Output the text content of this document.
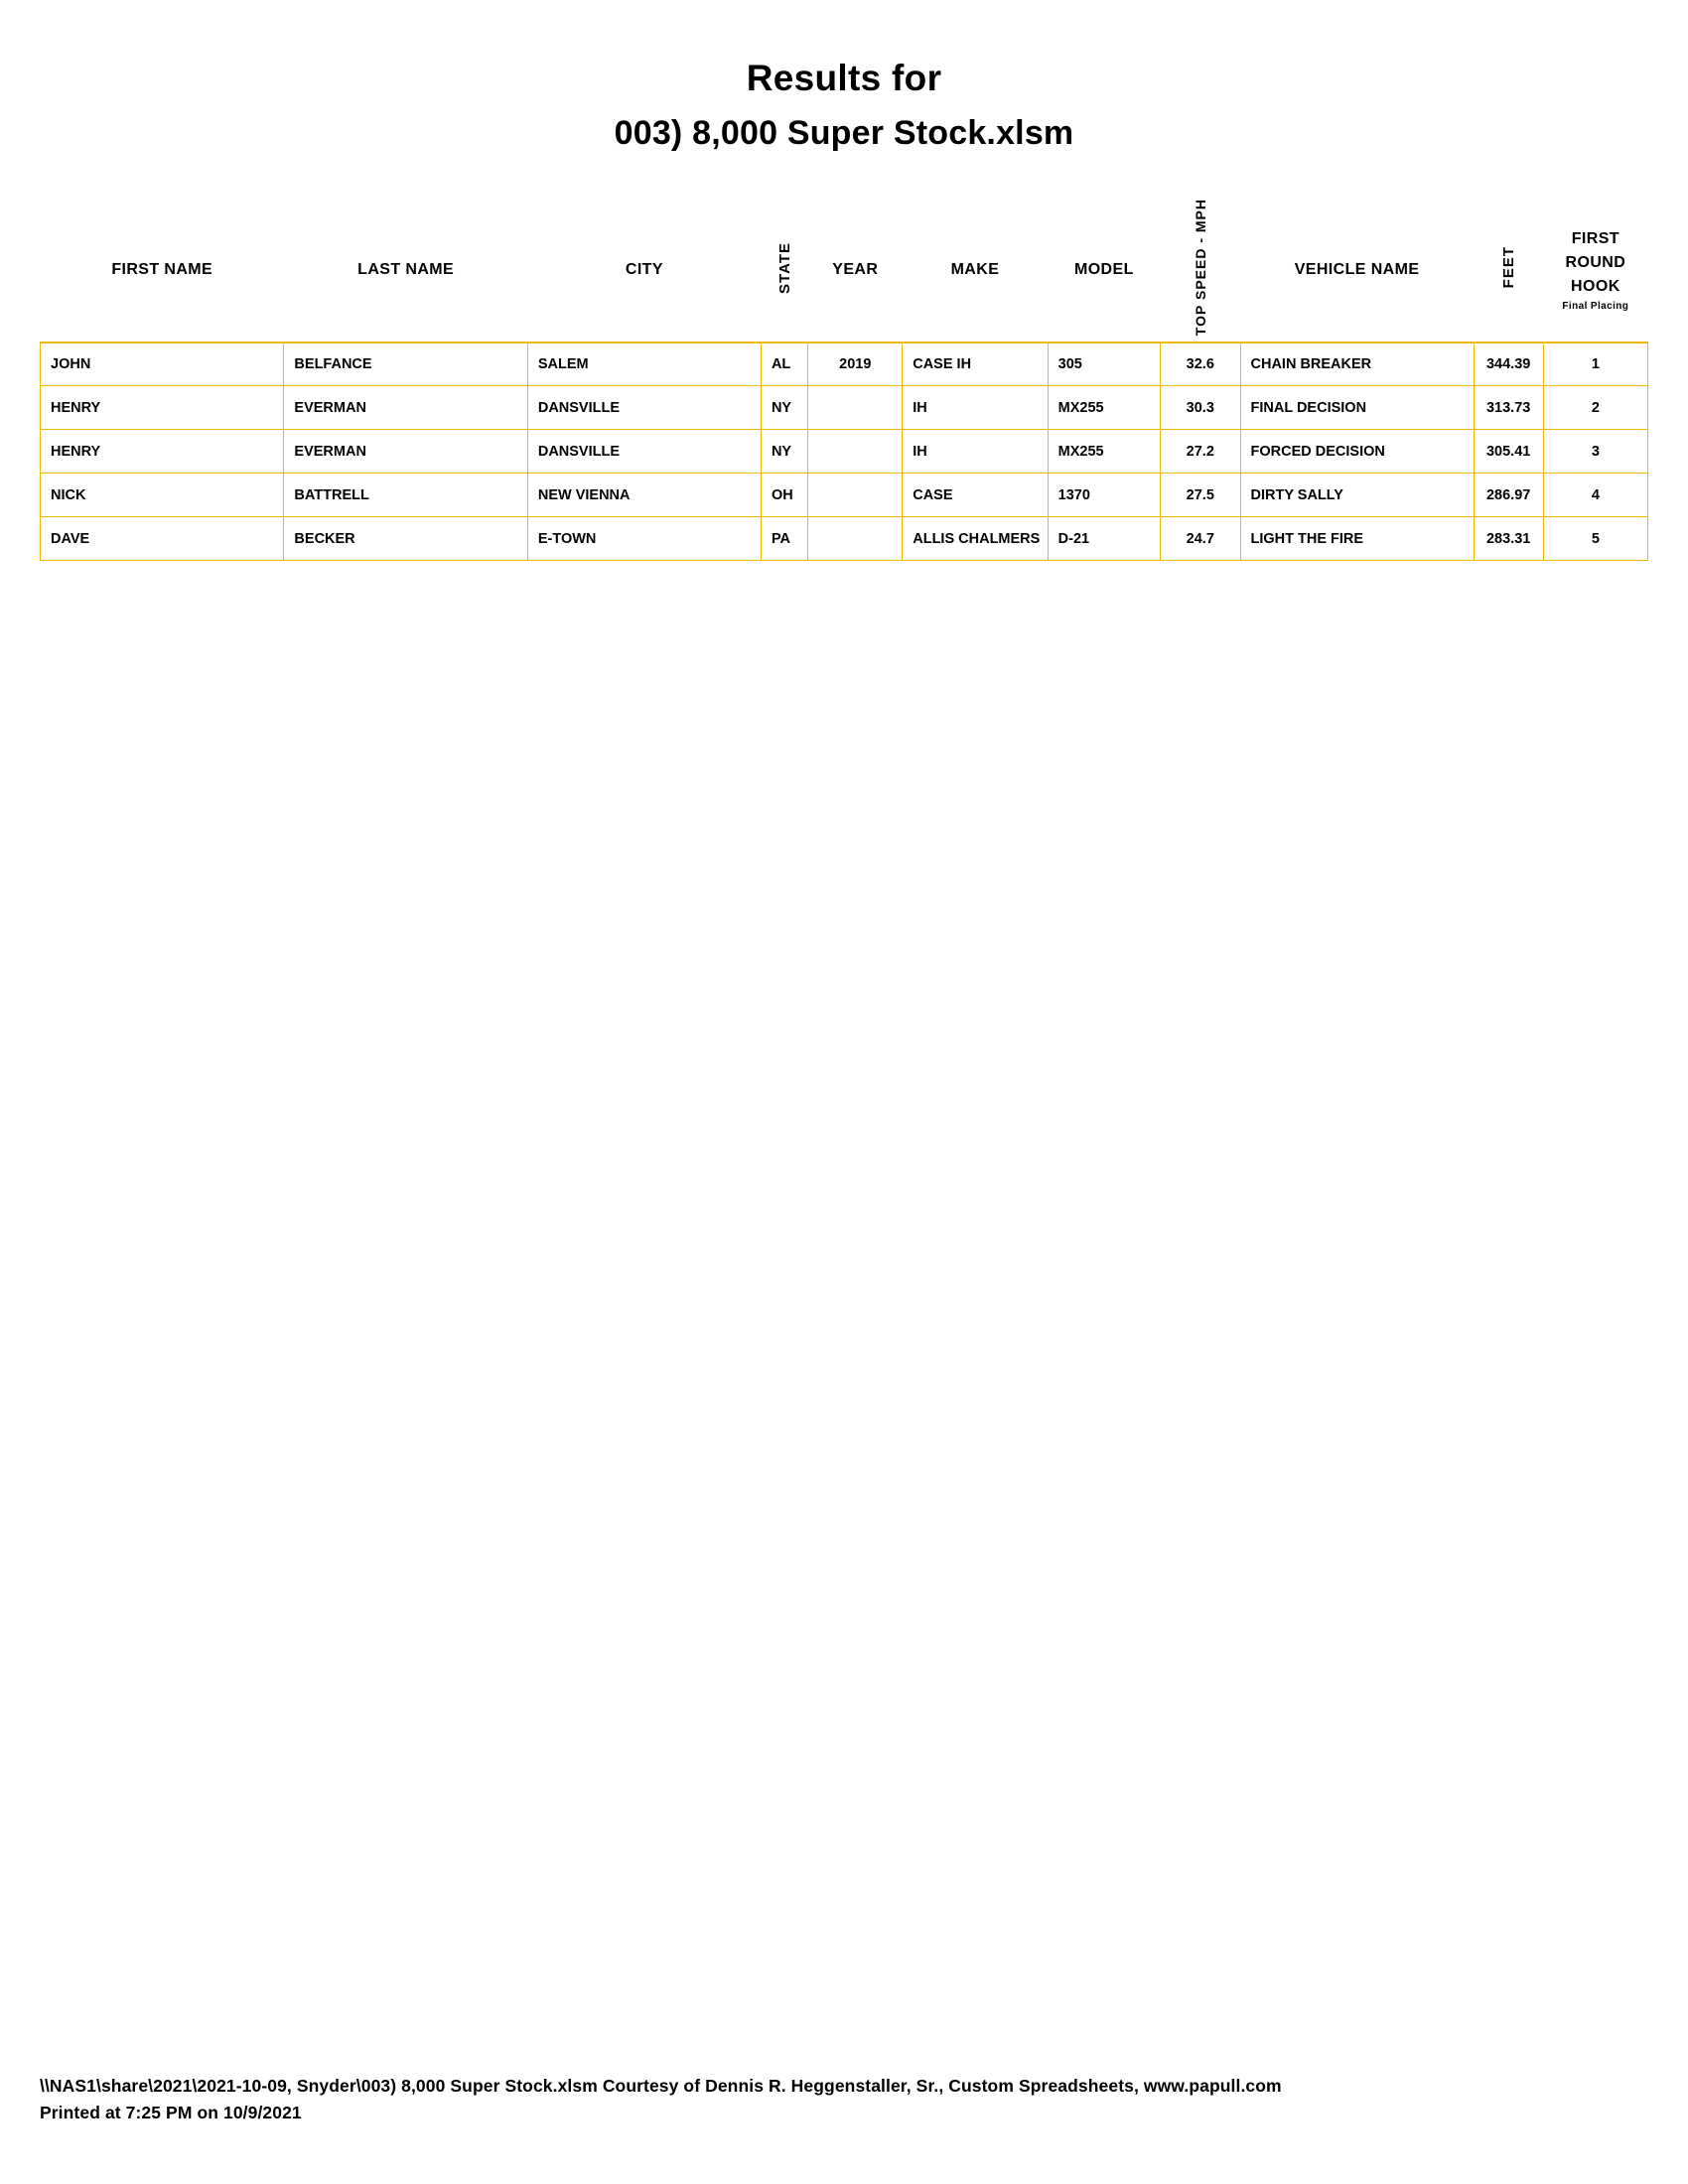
Results for
003) 8,000 Super Stock.xlsm
FIRST NAME	LAST NAME	CITY	STATE	YEAR	MAKE	MODEL	TOP SPEED - MPH	VEHICLE NAME	FEET	FIRST ROUND
HOOK
Final Placing

JOHN	BELFANCE	SALEM	AL	2019	CASE IH	305	32.6	CHAIN BREAKER	344.39	1
HENRY	EVERMAN	DANSVILLE	NY		IH	MX255	30.3	FINAL DECISION	313.73	2
HENRY	EVERMAN	DANSVILLE	NY		IH	MX255	27.2	FORCED DECISION	305.41	3
NICK	BATTRELL	NEW VIENNA	OH		CASE	1370	27.5	DIRTY SALLY	286.97	4
DAVE	BECKER	E-TOWN	PA		ALLIS CHALMERS	D-21	24.7	LIGHT THE FIRE	283.31	5
\\NAS1\share\2021\2021-10-09, Snyder\003) 8,000 Super Stock.xlsm Courtesy of Dennis R. Heggenstaller, Sr., Custom Spreadsheets, www.papull.com
Printed at 7:25 PM on 10/9/2021
